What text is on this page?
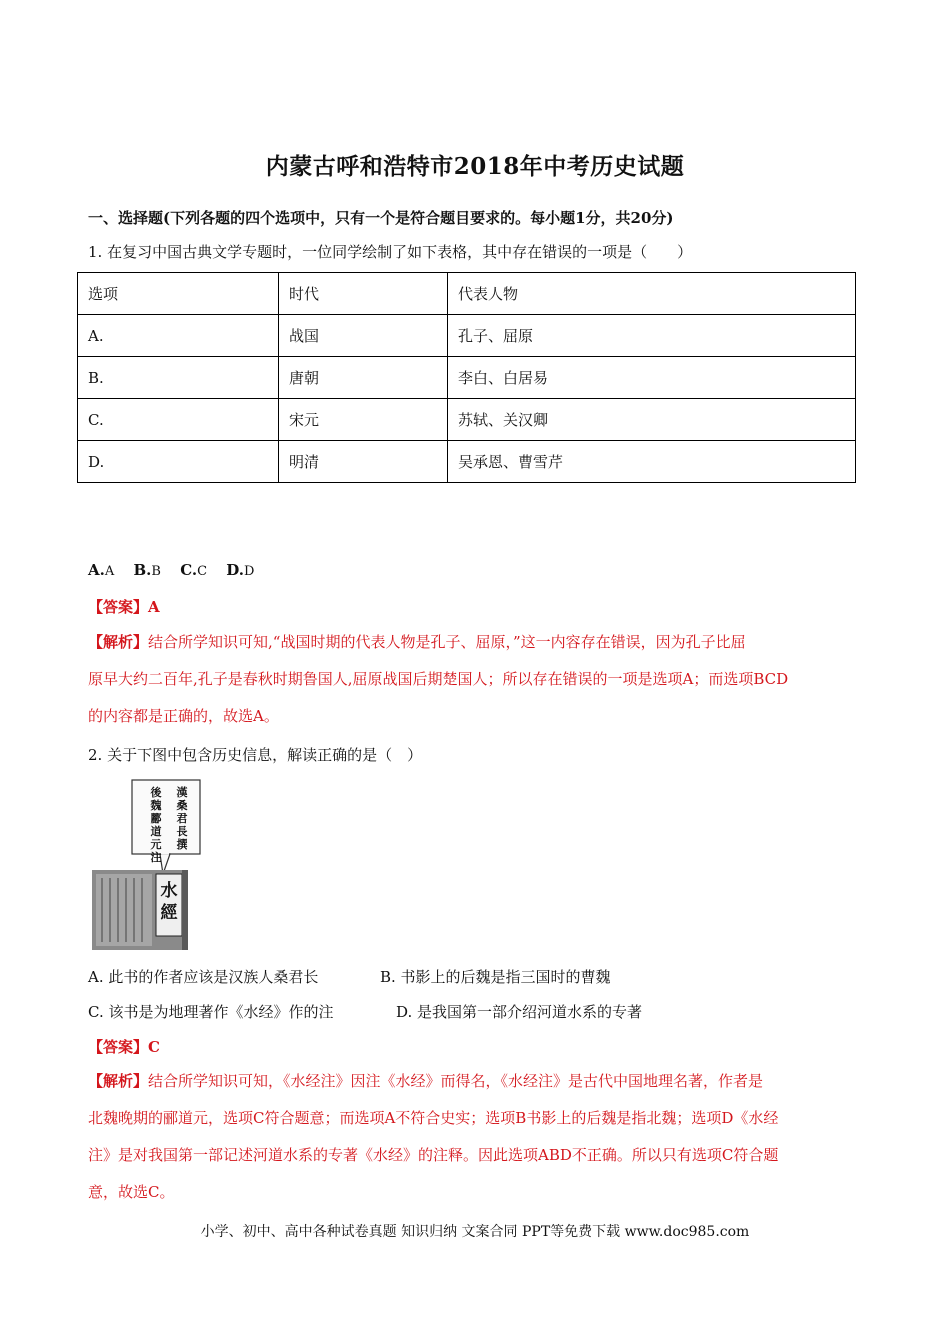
内蒙古呼和浩特市2018年中考历史试题
一、选择题(下列各题的四个选项中，只有一个是符合题目要求的。每小题1分，共20分)
1. 在复习中国古典文学专题时，一位同学绘制了如下表格，其中存在错误的一项是（　　）
选项	时代	代表人物
A.	战国	孔子、屈原
B.	唐朝	李白、白居易
C.	宋元	苏轼、关汉卿
D.	明清	吴承恩、曹雪芹
A.A B.B C.C D.D
【答案】A
【解析】结合所学知识可知,“战国时期的代表人物是孔子、屈原，”这一内容存在错误，因为孔子比屈
原早大约二百年,孔子是春秋时期鲁国人,屈原战国后期楚国人；所以存在错误的一项是选项A；而选项BCD
的内容都是正确的，故选A。
2. 关于下图中包含历史信息，解读正确的是（　）
漢 桑君長撰
後魏 酈道元注
水經
A. 此书的作者应该是汉族人桑君长	B. 书影上的后魏是指三国时的曹魏
C. 该书是为地理著作《水经》作的注	D. 是我国第一部介绍河道水系的专著
【答案】C
【解析】结合所学知识可知，《水经注》因注《水经》而得名，《水经注》是古代中国地理名著，作者是
北魏晚期的郦道元，选项C符合题意；而选项A不符合史实；选项B书影上的后魏是指北魏；选项D《水经
注》是对我国第一部记述河道水系的专著《水经》的注释。因此选项ABD不正确。所以只有选项C符合题
意，故选C。
小学、初中、高中各种试卷真题 知识归纳 文案合同 PPT等免费下载 www.doc985.com
